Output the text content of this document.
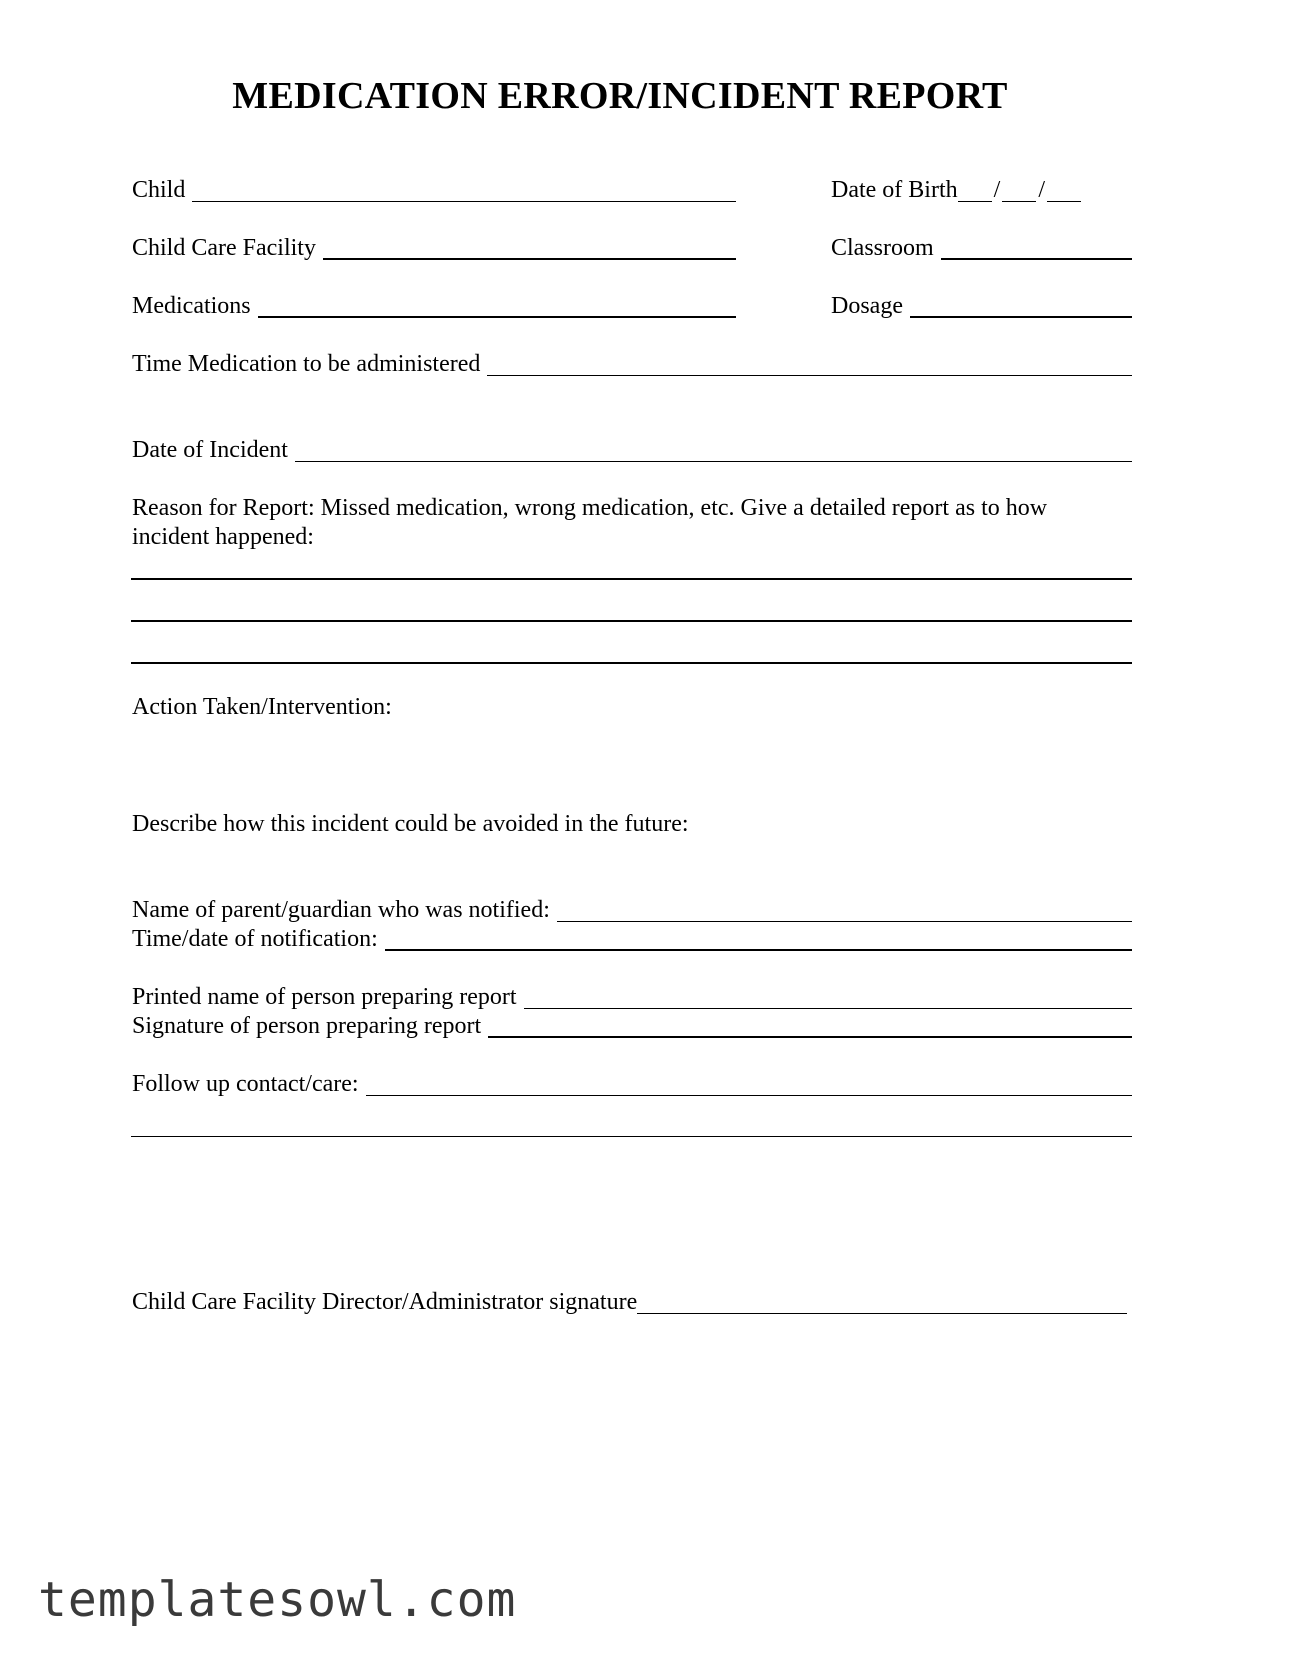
MEDICATION ERROR/INCIDENT REPORT
Child	Date of Birth / /
Child Care Facility	Classroom
Medications	Dosage
Time Medication to be administered
Date of Incident
Reason for Report: Missed medication, wrong medication, etc. Give a detailed report as to how incident happened:
Action Taken/Intervention:
Describe how this incident could be avoided in the future:
Name of parent/guardian who was notified:
Time/date of notification:
Printed name of person preparing report
Signature of person preparing report
Follow up contact/care:
Child Care Facility Director/Administrator signature
templatesowl.com
